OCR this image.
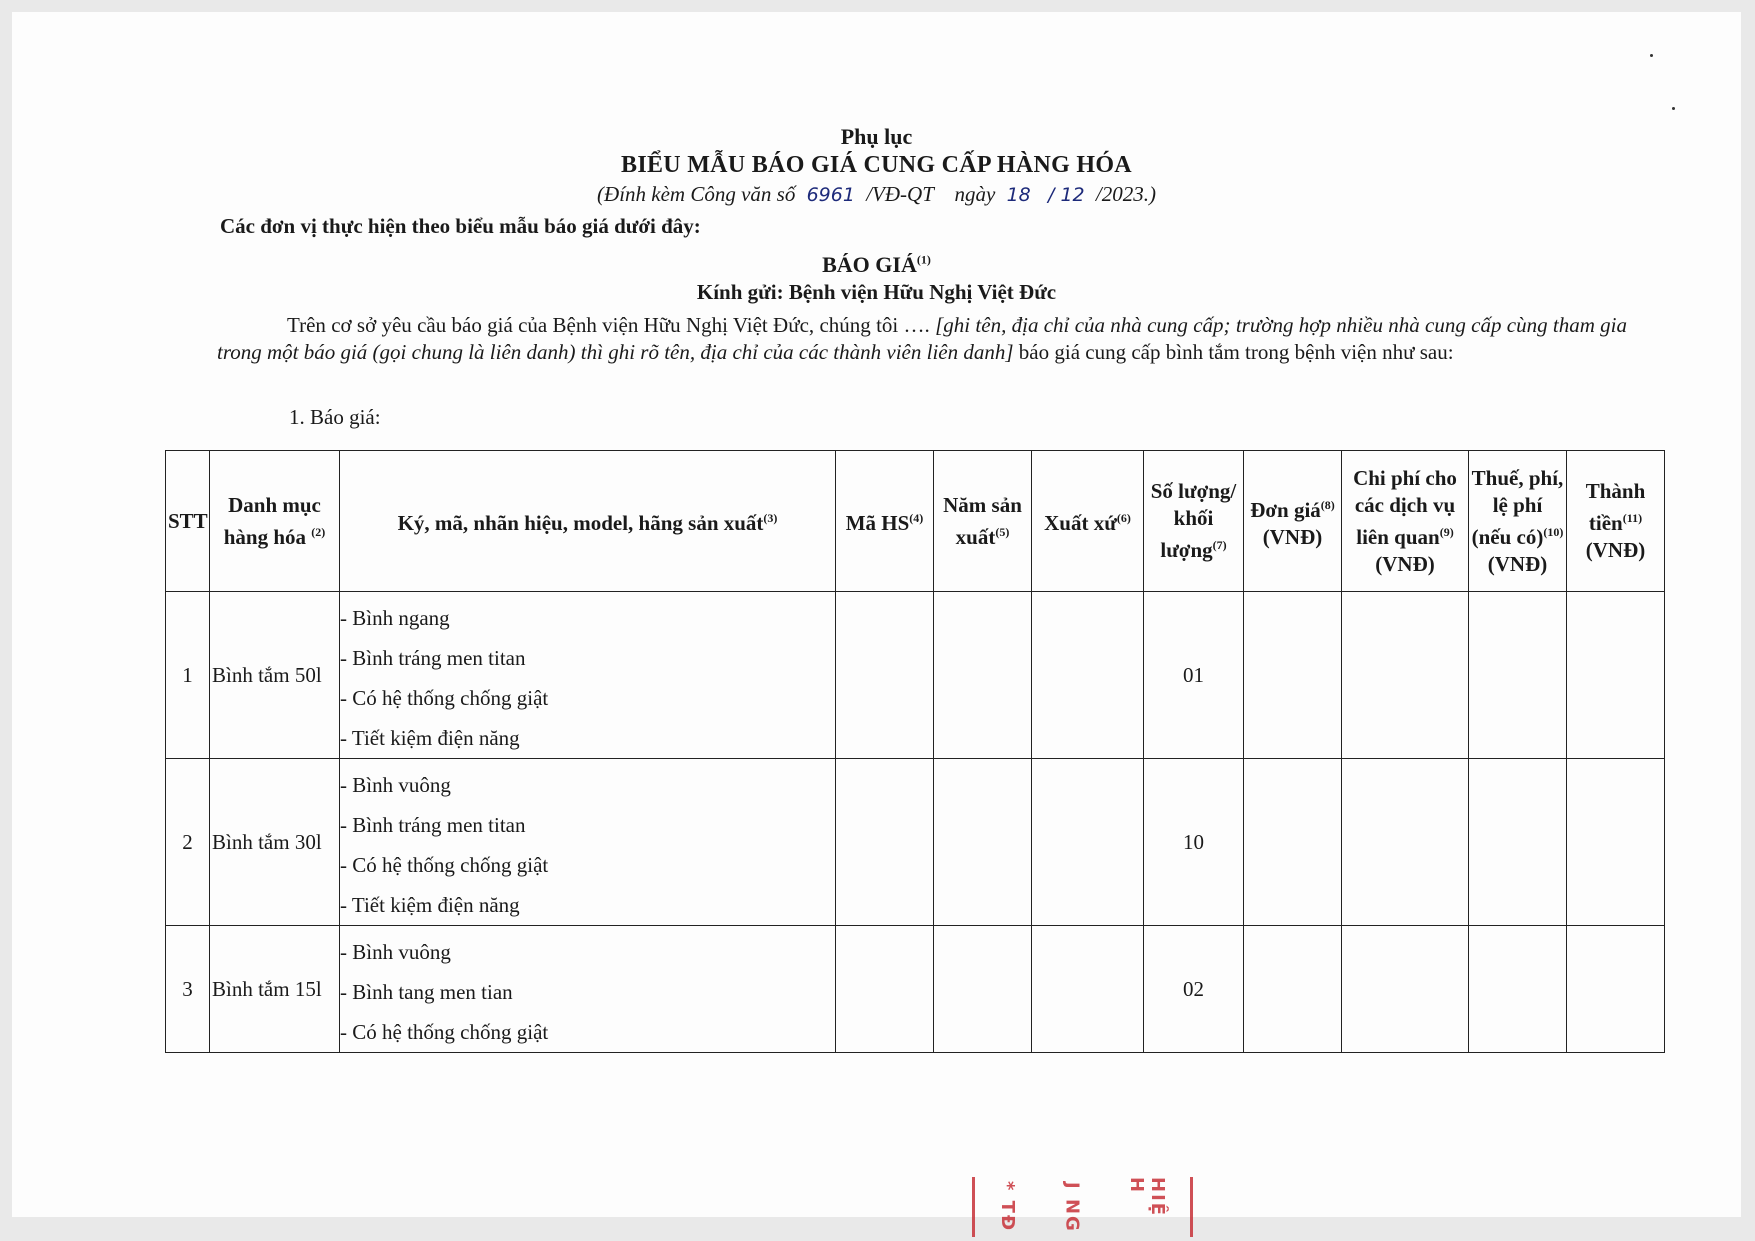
Phụ lục
BIỂU MẪU BÁO GIÁ CUNG CẤP HÀNG HÓA
(Đính kèm Công văn số 6961 /VĐ-QT ngày 18 / 12 /2023.)
Các đơn vị thực hiện theo biểu mẫu báo giá dưới đây:
BÁO GIÁ$^{(1)}$
Kính gửi: Bệnh viện Hữu Nghị Việt Đức
Trên cơ sở yêu cầu báo giá của Bệnh viện Hữu Nghị Việt Đức, chúng tôi …. [ghi tên, địa chỉ của nhà cung cấp; trường hợp nhiều nhà cung cấp cùng tham gia trong một báo giá (gọi chung là liên danh) thì ghi rõ tên, địa chỉ của các thành viên liên danh] báo giá cung cấp bình tắm trong bệnh viện như sau:
1. Báo giá:
STT	Danh mục hàng hóa $^{(2)}$	Ký, mã, nhãn hiệu, model, hãng sản xuất$^{(3)}$	Mã HS$^{(4)}$	Năm sản xuất$^{(5)}$	Xuất xứ$^{(6)}$	Số lượng/ khối lượng$^{(7)}$	Đơn giá$^{(8)}$ (VNĐ)	Chi phí cho các dịch vụ liên quan$^{(9)}$ (VNĐ)	Thuế, phí, lệ phí (nếu có)$^{(10)}$ (VNĐ)	Thành tiền$^{(11)}$ (VNĐ)
1	Bình tắm 50l	- Bình ngang
- Bình tráng men titan
- Có hệ thống chống giật
- Tiết kiệm điện năng				01				
2	Bình tắm 30l	- Bình vuông
- Bình tráng men titan
- Có hệ thống chống giật
- Tiết kiệm điện năng				10				
3	Bình tắm 15l	- Bình vuông
- Bình tang men tian
- Có hệ thống chống giật				02				
* TĐ J NG	HIỆ H
